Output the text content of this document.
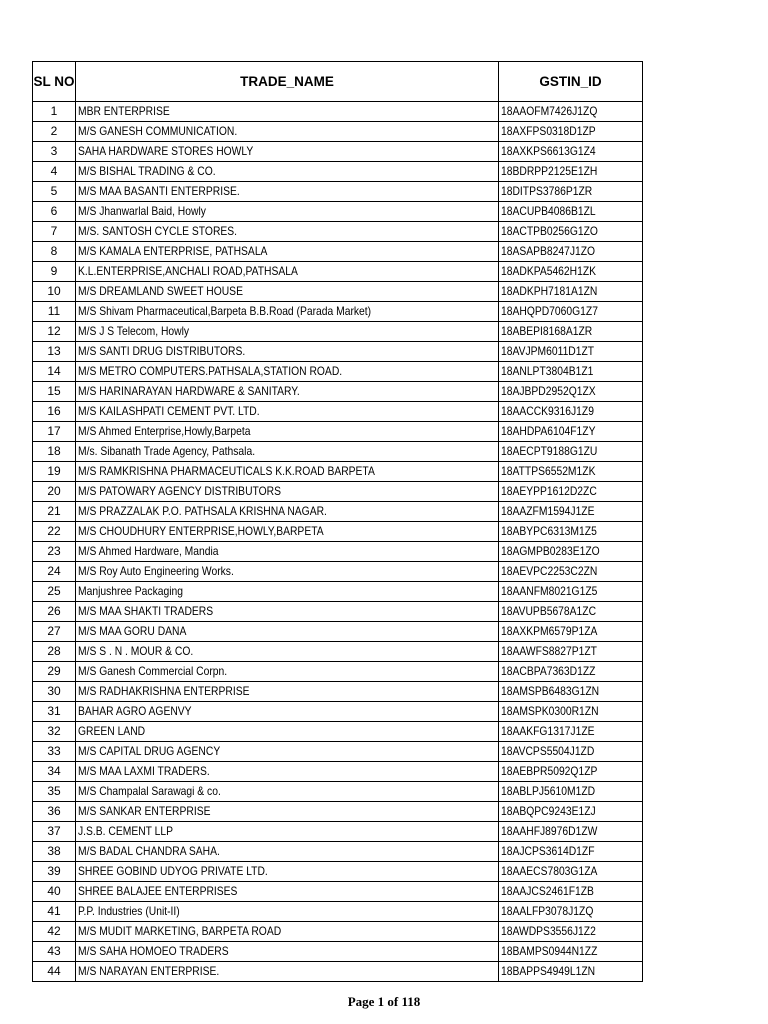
SL NO	TRADE_NAME	GSTIN_ID
1	MBR ENTERPRISE	18AAOFM7426J1ZQ
2	M/S GANESH COMMUNICATION.	18AXFPS0318D1ZP
3	SAHA HARDWARE STORES HOWLY	18AXKPS6613G1Z4
4	M/S BISHAL TRADING & CO.	18BDRPP2125E1ZH
5	M/S MAA BASANTI ENTERPRISE.	18DITPS3786P1ZR
6	M/S Jhanwarlal Baid, Howly	18ACUPB4086B1ZL
7	M/S. SANTOSH CYCLE STORES.	18ACTPB0256G1ZO
8	M/S KAMALA ENTERPRISE, PATHSALA	18ASAPB8247J1ZO
9	K.L.ENTERPRISE,ANCHALI ROAD,PATHSALA	18ADKPA5462H1ZK
10	M/S DREAMLAND SWEET HOUSE	18ADKPH7181A1ZN
11	M/S Shivam Pharmaceutical,Barpeta B.B.Road (Parada Market)	18AHQPD7060G1Z7
12	M/S J S Telecom, Howly	18ABEPI8168A1ZR
13	M/S SANTI DRUG DISTRIBUTORS.	18AVJPM6011D1ZT
14	M/S METRO COMPUTERS.PATHSALA,STATION ROAD.	18ANLPT3804B1Z1
15	M/S HARINARAYAN HARDWARE & SANITARY.	18AJBPD2952Q1ZX
16	M/S KAILASHPATI CEMENT PVT. LTD.	18AACCK9316J1Z9
17	M/S Ahmed Enterprise,Howly,Barpeta	18AHDPA6104F1ZY
18	M/s. Sibanath Trade Agency, Pathsala.	18AECPT9188G1ZU
19	M/S RAMKRISHNA PHARMACEUTICALS K.K.ROAD BARPETA	18ATTPS6552M1ZK
20	M/S PATOWARY AGENCY DISTRIBUTORS	18AEYPP1612D2ZC
21	M/S PRAZZALAK P.O. PATHSALA KRISHNA NAGAR.	18AAZFM1594J1ZE
22	M/S CHOUDHURY ENTERPRISE,HOWLY,BARPETA	18ABYPC6313M1Z5
23	M/S Ahmed Hardware, Mandia	18AGMPB0283E1ZO
24	M/S Roy Auto Engineering Works.	18AEVPC2253C2ZN
25	Manjushree Packaging	18AANFM8021G1Z5
26	M/S MAA SHAKTI TRADERS	18AVUPB5678A1ZC
27	M/S MAA GORU DANA	18AXKPM6579P1ZA
28	M/S S . N . MOUR & CO.	18AAWFS8827P1ZT
29	M/S Ganesh Commercial Corpn.	18ACBPA7363D1ZZ
30	M/S RADHAKRISHNA ENTERPRISE	18AMSPB6483G1ZN
31	BAHAR AGRO AGENVY	18AMSPK0300R1ZN
32	GREEN LAND	18AAKFG1317J1ZE
33	M/S CAPITAL DRUG AGENCY	18AVCPS5504J1ZD
34	M/S MAA LAXMI TRADERS.	18AEBPR5092Q1ZP
35	M/S Champalal Sarawagi & co.	18ABLPJ5610M1ZD
36	M/S SANKAR ENTERPRISE	18ABQPC9243E1ZJ
37	J.S.B. CEMENT LLP	18AAHFJ8976D1ZW
38	M/S BADAL CHANDRA SAHA.	18AJCPS3614D1ZF
39	SHREE GOBIND UDYOG PRIVATE LTD.	18AAECS7803G1ZA
40	SHREE BALAJEE ENTERPRISES	18AAJCS2461F1ZB
41	P.P. Industries (Unit-II)	18AALFP3078J1ZQ
42	M/S MUDIT MARKETING, BARPETA ROAD	18AWDPS3556J1Z2
43	M/S SAHA HOMOEO TRADERS	18BAMPS0944N1ZZ
44	M/S NARAYAN ENTERPRISE.	18BAPPS4949L1ZN
Page 1 of 118
